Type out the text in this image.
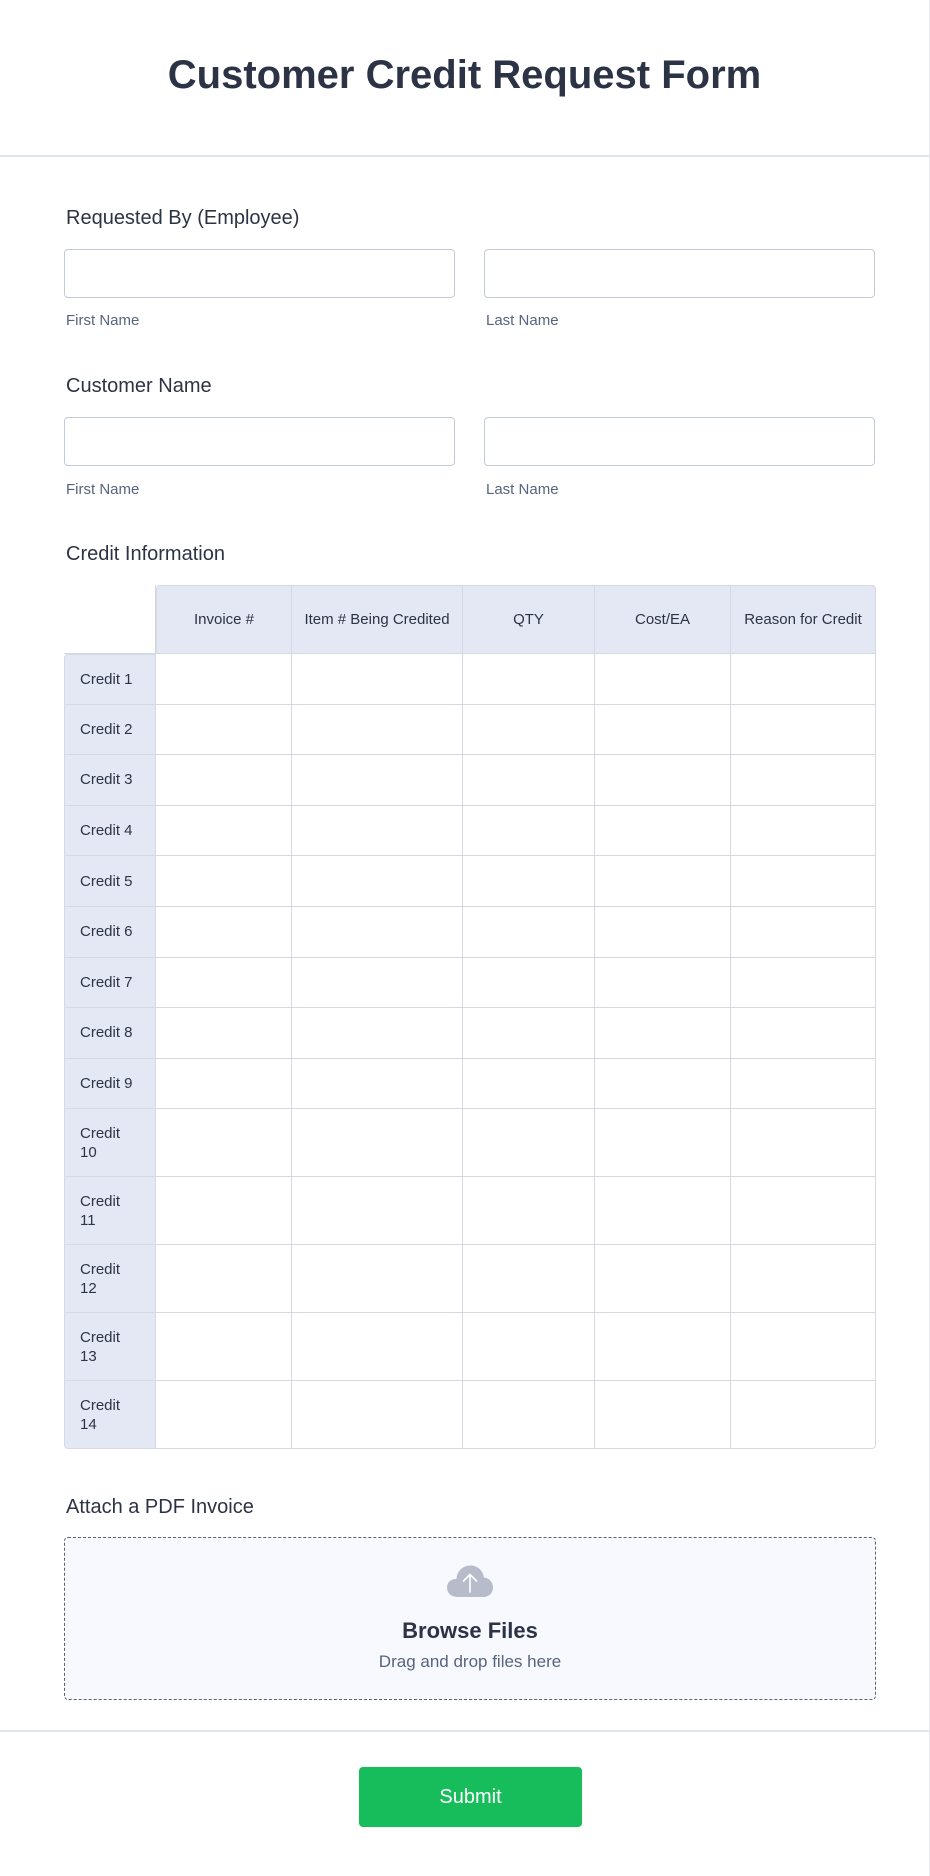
Customer Credit Request Form
Requested By (Employee)
First Name	Last Name
Customer Name
First Name	Last Name
Credit Information
	Invoice #	Item # Being Credited	QTY	Cost/EA	Reason for Credit
Credit 1					
Credit 2					
Credit 3					
Credit 4					
Credit 5					
Credit 6					
Credit 7					
Credit 8					
Credit 9					
Credit
10					
Credit
11					
Credit
12					
Credit
13					
Credit
14					
Attach a PDF Invoice
Browse Files
Drag and drop files here
Submit
